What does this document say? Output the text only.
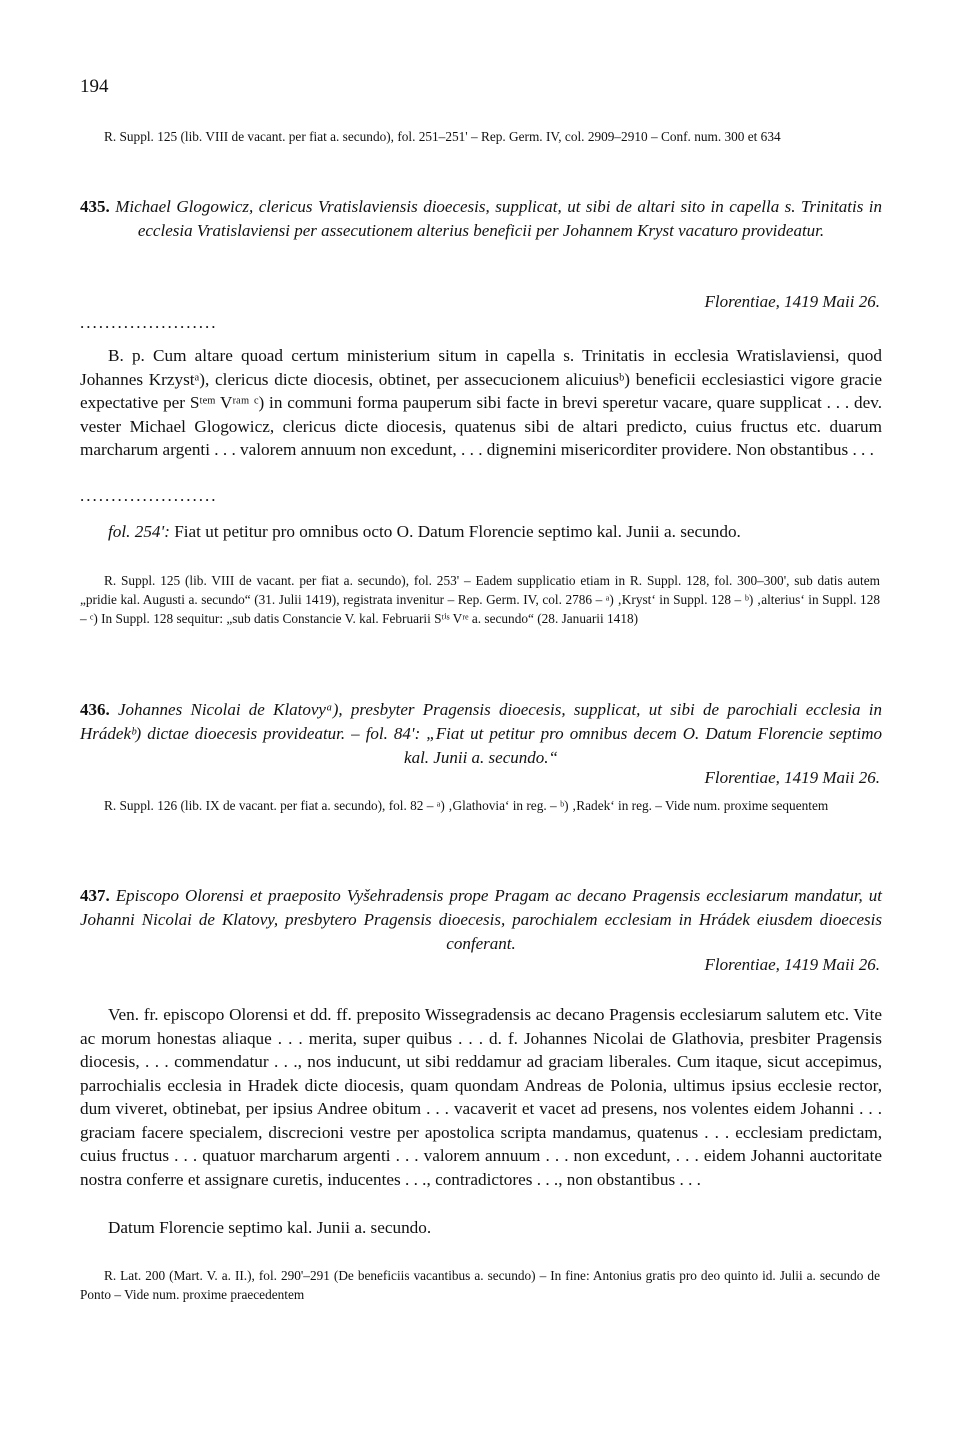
194

R. Suppl. 125 (lib. VIII de vacant. per fiat a. secundo), fol. 251–251' – Rep. Germ. IV, col. 2909–2910 – Conf. num. 300 et 634

435. Michael Glogowicz, clericus Vratislaviensis dioecesis, supplicat, ut sibi de altari sito in capella s. Trinitatis in ecclesia Vratislaviensi per assecutionem alterius beneficii per Johannem Kryst vacaturo provideatur.

Florentiae, 1419 Maii 26.

......................

B. p. Cum altare quoad certum ministerium situm in capella s. Trinitatis in ecclesia Wratislaviensi, quod Johannes Krzystᵃ), clericus dicte diocesis, obtinet, per assecucionem alicuiusᵇ) beneficii ecclesiastici vigore gracie expectative per Sᵗᵉᵐ Vʳᵃᵐ ᶜ) in communi forma pauperum sibi facte in brevi speretur vacare, quare supplicat . . . dev. vester Michael Glogowicz, clericus dicte diocesis, quatenus sibi de altari predicto, cuius fructus etc. duarum marcharum argenti . . . valorem annuum non excedunt, . . . dignemini misericorditer providere. Non obstantibus . . .

......................

fol. 254': Fiat ut petitur pro omnibus octo O. Datum Florencie septimo kal. Junii a. secundo.

R. Suppl. 125 (lib. VIII de vacant. per fiat a. secundo), fol. 253' – Eadem supplicatio etiam in R. Suppl. 128, fol. 300–300', sub datis autem „pridie kal. Augusti a. secundo“ (31. Julii 1419), registrata invenitur – Rep. Germ. IV, col. 2786 – ᵃ) ‚Kryst‘ in Suppl. 128 – ᵇ) ‚alterius‘ in Suppl. 128 – ᶜ) In Suppl. 128 sequitur: „sub datis Constancie V. kal. Februarii Sᵗⁱˢ Vʳᵉ a. secundo“ (28. Januarii 1418)

436. Johannes Nicolai de Klatovyᵃ), presbyter Pragensis dioecesis, supplicat, ut sibi de parochiali ecclesia in Hrádekᵇ) dictae dioecesis provideatur. – fol. 84': „Fiat ut petitur pro omnibus decem O. Datum Florencie septimo kal. Junii a. secundo.“

Florentiae, 1419 Maii 26.

R. Suppl. 126 (lib. IX de vacant. per fiat a. secundo), fol. 82 – ᵃ) ‚Glathovia‘ in reg. – ᵇ) ‚Radek‘ in reg. – Vide num. proxime sequentem

437. Episcopo Olorensi et praeposito Vyšehradensis prope Pragam ac decano Pragensis ecclesiarum mandatur, ut Johanni Nicolai de Klatovy, presbytero Pragensis dioecesis, parochialem ecclesiam in Hrádek eiusdem dioecesis conferant.

Florentiae, 1419 Maii 26.

Ven. fr. episcopo Olorensi et dd. ff. preposito Wissegradensis ac decano Pragensis ecclesiarum salutem etc. Vite ac morum honestas aliaque . . . merita, super quibus . . . d. f. Johannes Nicolai de Glathovia, presbiter Pragensis diocesis, . . . commendatur . . ., nos inducunt, ut sibi reddamur ad graciam liberales. Cum itaque, sicut accepimus, parrochialis ecclesia in Hradek dicte diocesis, quam quondam Andreas de Polonia, ultimus ipsius ecclesie rector, dum viveret, obtinebat, per ipsius Andree obitum . . . vacaverit et vacet ad presens, nos volentes eidem Johanni . . . graciam facere specialem, discrecioni vestre per apostolica scripta mandamus, quatenus . . . ecclesiam predictam, cuius fructus . . . quatuor marcharum argenti . . . valorem annuum . . . non excedunt, . . . eidem Johanni auctoritate nostra conferre et assignare curetis, inducentes . . ., contradictores . . ., non obstantibus . . .

Datum Florencie septimo kal. Junii a. secundo.

R. Lat. 200 (Mart. V. a. II.), fol. 290'–291 (De beneficiis vacantibus a. secundo) – In fine: Antonius gratis pro deo quinto id. Julii a. secundo de Ponto – Vide num. proxime praecedentem
